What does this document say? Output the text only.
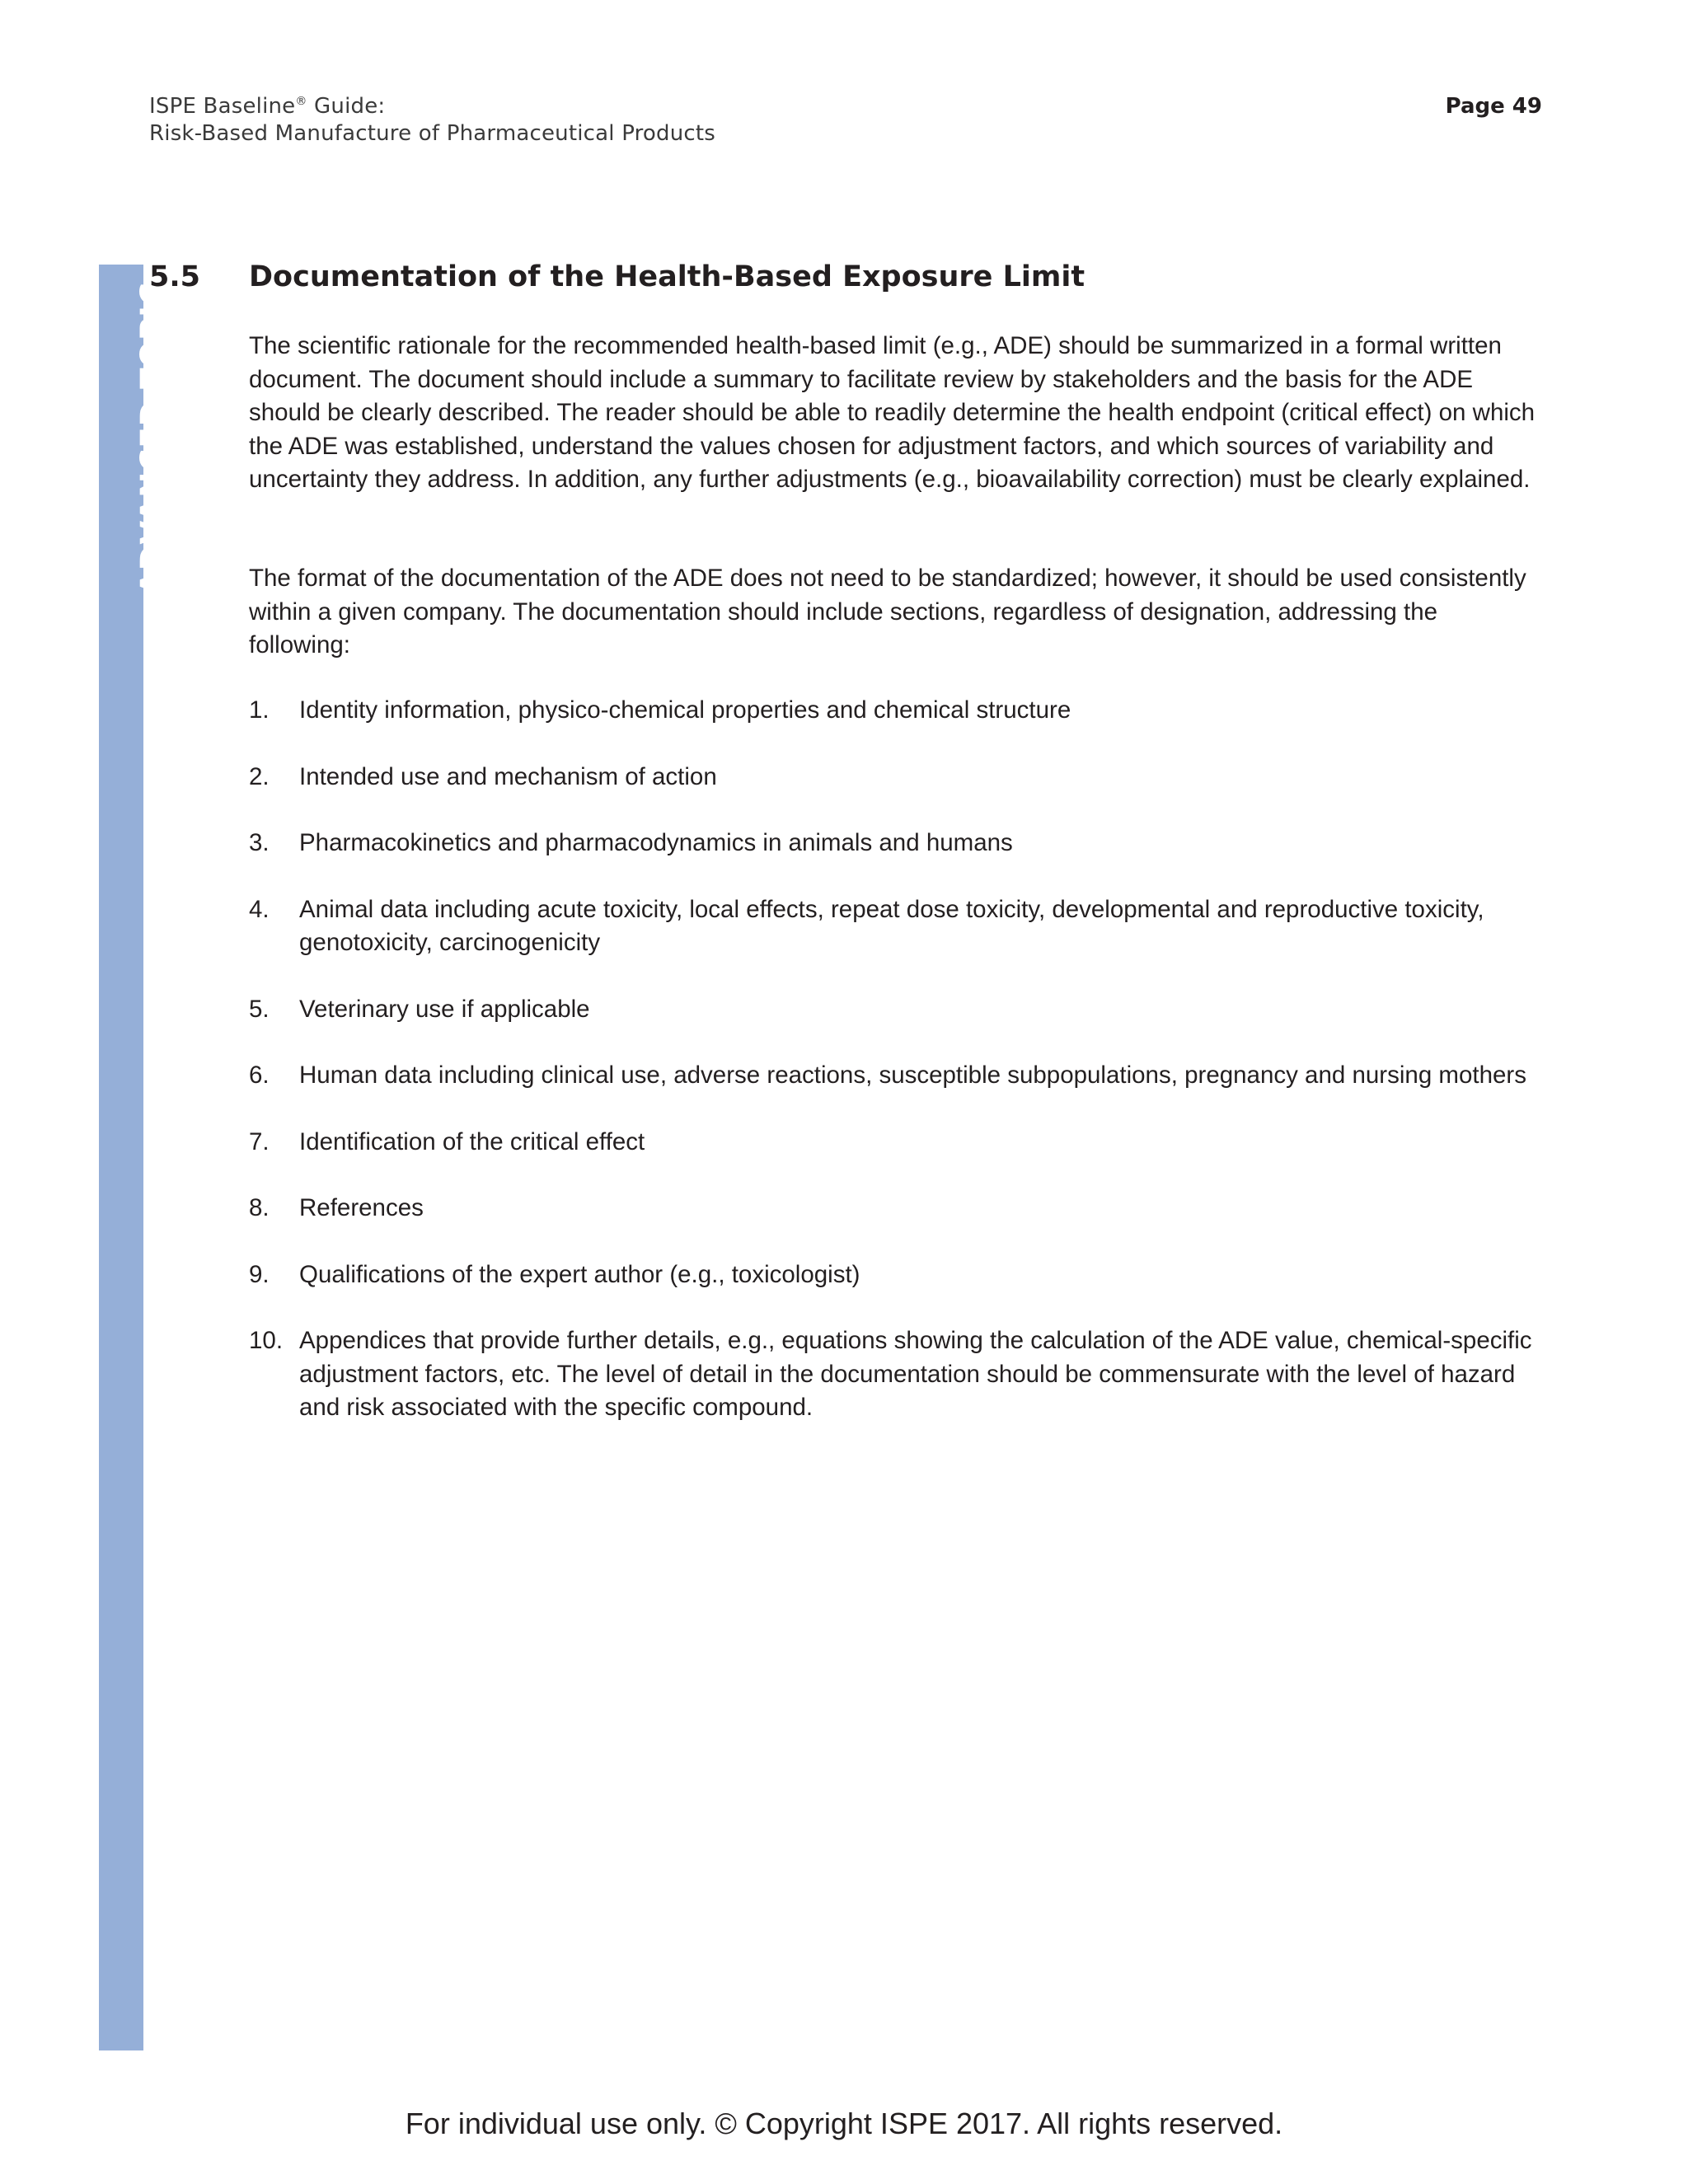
ISPE Baseline® Guide:
Risk-Based Manufacture of Pharmaceutical Products
Page 49
ADVANCED TOPIC
5.5 Documentation of the Health-Based Exposure Limit

The scientific rationale for the recommended health-based limit (e.g., ADE) should be summarized in a formal written document. The document should include a summary to facilitate review by stakeholders and the basis for the ADE should be clearly described. The reader should be able to readily determine the health endpoint (critical effect) on which the ADE was established, understand the values chosen for adjustment factors, and which sources of variability and uncertainty they address. In addition, any further adjustments (e.g., bioavailability correction) must be clearly explained.

The format of the documentation of the ADE does not need to be standardized; however, it should be used consistently within a given company. The documentation should include sections, regardless of designation, addressing the following:

1.	Identity information, physico-chemical properties and chemical structure
2.	Intended use and mechanism of action
3.	Pharmacokinetics and pharmacodynamics in animals and humans
4.	Animal data including acute toxicity, local effects, repeat dose toxicity, developmental and reproductive toxicity, genotoxicity, carcinogenicity
5.	Veterinary use if applicable
6.	Human data including clinical use, adverse reactions, susceptible subpopulations, pregnancy and nursing mothers
7.	Identification of the critical effect
8.	References
9.	Qualifications of the expert author (e.g., toxicologist)
10. Appendices that provide further details, e.g., equations showing the calculation of the ADE value, chemical-specific adjustment factors, etc. The level of detail in the documentation should be commensurate with the level of hazard and risk associated with the specific compound.
For individual use only. © Copyright ISPE 2017. All rights reserved.
